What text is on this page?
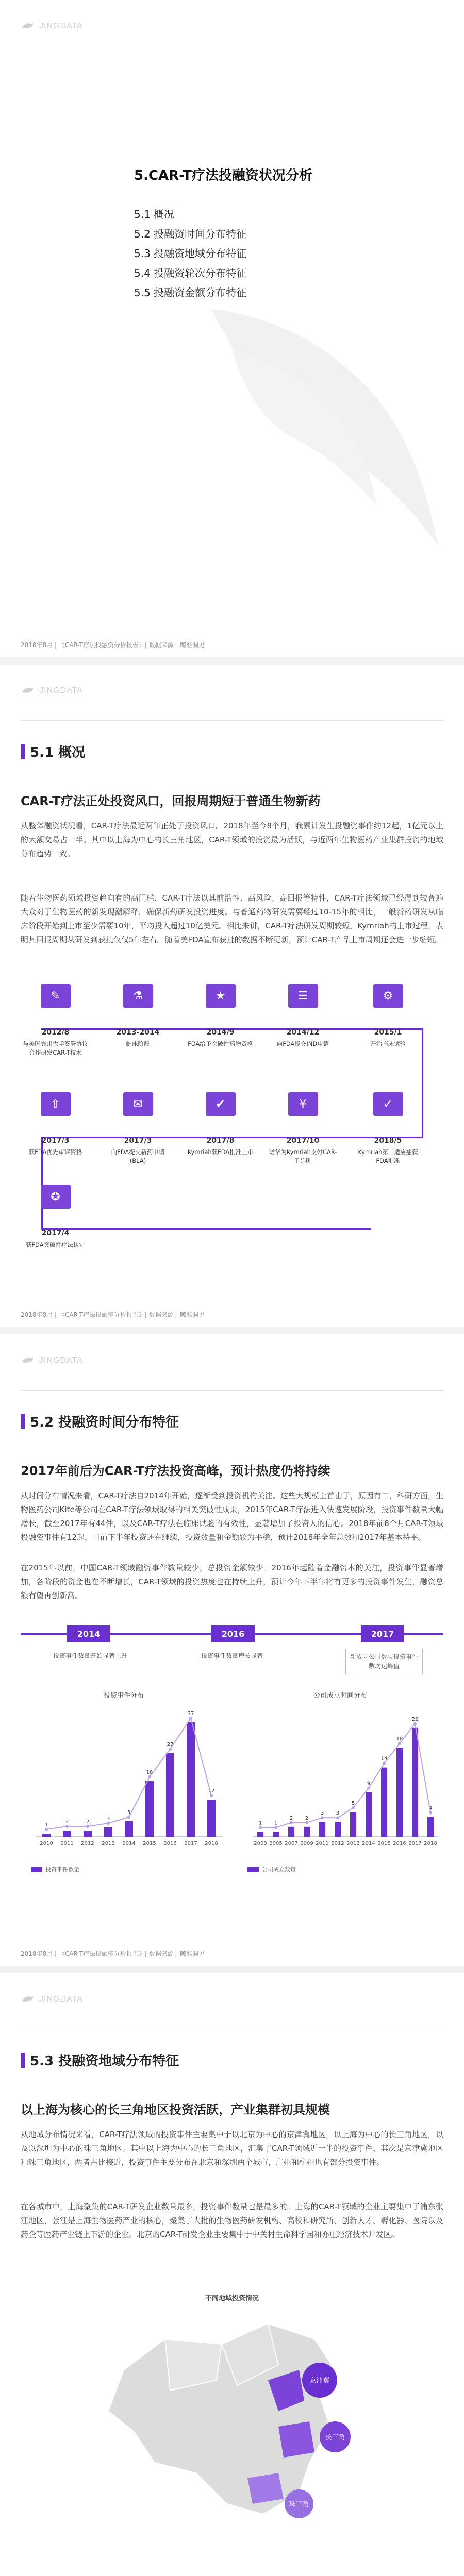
JINGDATA
5.CAR-T疗法投融资状况分析
5.1 概况
5.2 投融资时间分布特征
5.3 投融资地域分布特征
5.4 投融资轮次分布特征
5.5 投融资金额分布特征
2018年8月 | 《CAR-T疗法投融资分析报告》| 数据来源：鲸准洞见
JINGDATA
5.1 概况
CAR-T疗法正处投资风口，回报周期短于普通生物新药
从整体融资状况看，CAR-T疗法最近两年正处于投资风口。2018年至今8个月，我累计发生投融资事件约12起，1亿元以上的大额交易占一半。其中以上海为中心的长三角地区，CAR-T领域的投资最为活跃，与近两年生物医药产业集群投资的地域分布趋势一致。
随着生物医药领域投资趋向有的高门槛，CAR-T疗法以其前沿性、高风险、高回报等特性，CAR-T疗法领域已经得到较普遍大众对于生物医药的新发现潮解释，确保新药研发投资进度。与普通药物研发需要经过10-15年的相比，一般新药研发从临床阶段开始到上市至少需要10年，平均投入超过10亿美元。相比来讲，CAR-T疗法研发周期较短，Kymriah的上市过程，表明其回报周期从研发到获批仅仅5年左右。随着美FDA宣布获批的数据不断更新，预计CAR-T产品上市周期还会进一步缩短。
✎
2012/8
与美国宾州大学签署协议合作研发CAR-T技术
⚗
2013-2014
临床阶段
★
2014/9
FDA给予突破性药物资格
☰
2014/12
向FDA提交IND申请
⚙
2015/1
开始临床试验
⇧
2017/3
获FDA优先审评资格
✉
2017/3
向FDA提交新药申请(BLA)
✔
2017/8
Kymriah获FDA批准上市
¥
2017/10
诺华为Kymriah支付CAR-T专利
✓
2018/5
Kymriah第二适应症获FDA批准
✪
2017/4
获FDA突破性疗法认定
2018年8月 | 《CAR-T疗法投融资分析报告》| 数据来源：鲸准洞见
JINGDATA
5.2 投融资时间分布特征
2017年前后为CAR-T疗法投资高峰，预计热度仍将持续
从时间分布情况来看，CAR-T疗法自2014年开始，逐渐受到投资机构关注。这些大规模上首由于，原因有二，科研方面，生物医药公司Kite等公司在CAR-T疗法领域取得的相关突破性成果，2015年CAR-T疗法进入快速发展阶段，投资事件数量大幅增长，截至2017年有44件，以及CAR-T疗法在临床试验的有效性，显著增加了投资人的信心。2018年前8个月CAR-T领域投融资事件有12起，目前下半年投资还在继续，投资数量和金额较为平稳，预计2018年全年总数和2017年基本持平。
在2015年以前，中国CAR-T领域融资事件数量较少，总投资金额较少。2016年起随着金融资本的关注，投资事件显著增加，各阶段的资金也在不断增长，CAR-T领域的投资热度也在持续上升，预计今年下半年将有更多的投资事件发生，融资总额有望再创新高。
2014	2016	2017
投资事件数量开始显著上升	投资事件数量增长显著	新成立公司数与投资事件数均达峰值
投资事件分布	公司成立时间分布
2010
1
2011
2
2012
2
2013
3
2014
5
2015
18
2016
27
2017
37
2018
12
2003
1
2005
1
2007
2
2009
2
2011
3
2012
3
2013
5
2014
9
2015
14
2016
18
2017
22
2018
4
投资事件数量	公司成立数量
2018年8月 | 《CAR-T疗法投融资分析报告》| 数据来源：鲸准洞见
JINGDATA
5.3 投融资地域分布特征
以上海为核心的长三角地区投资活跃，产业集群初具规模
从地域分布情况来看，CAR-T疗法领域的投资事件主要集中于以北京为中心的京津冀地区，以上海为中心的长三角地区，以及以深圳为中心的珠三角地区。其中以上海为中心的长三角地区，汇集了CAR-T领域近一半的投资事件，其次是京津冀地区和珠三角地区，两者占比接近，投资事件主要分布在北京和深圳两个城市，广州和杭州也有部分投资事件。
在各城市中，上海聚集的CAR-T研发企业数量最多，投资事件数量也是最多的。上海的CAR-T领域的企业主要集中于浦东张江地区，张江是上海生物医药产业的核心，聚集了大批的生物医药研发机构、高校和研究所、创新人才、孵化器、医院以及药企等医药产业链上下游的企业。北京的CAR-T研发企业主要集中于中关村生命科学园和亦庄经济技术开发区。
不同地域投资情况
京津冀
长三角
珠三角
